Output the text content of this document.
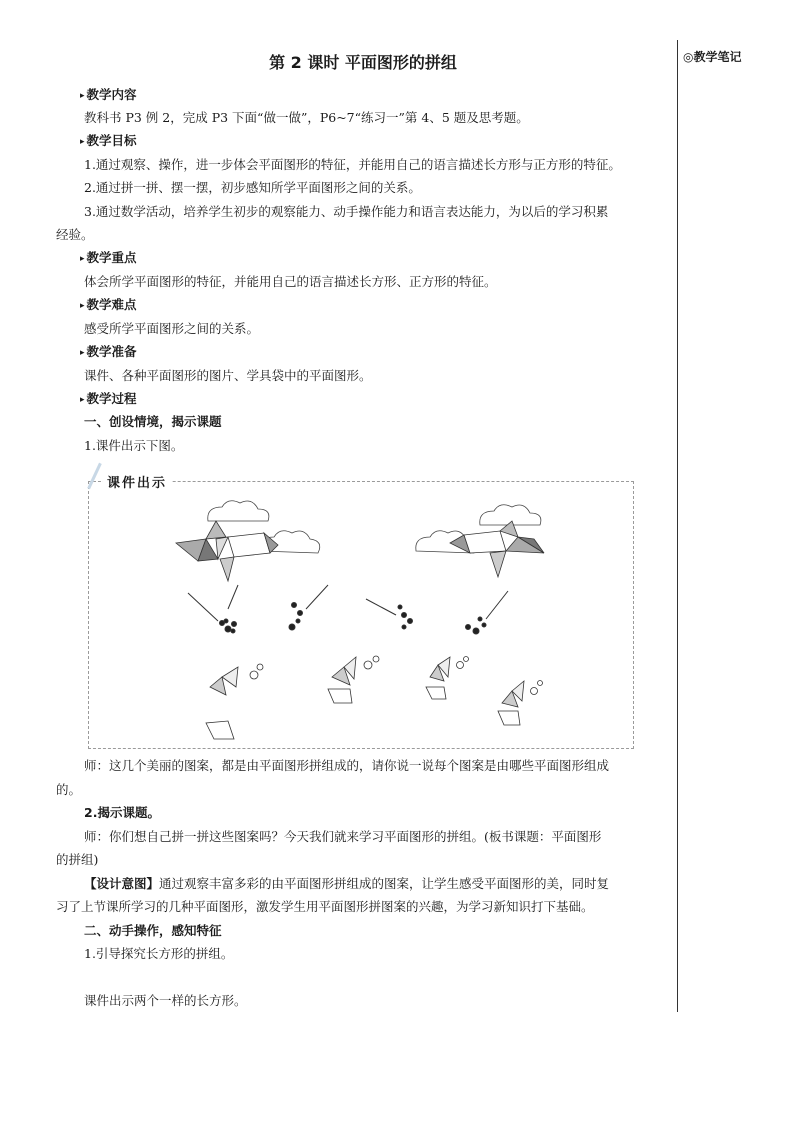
◎教学笔记
第 2 课时 平面图形的拼组
▸ 教学内容
教科书 P3 例 2，完成 P3 下面“做一做”，P6~7“练习一”第 4、5 题及思考题。
▸ 教学目标
1.通过观察、操作，进一步体会平面图形的特征，并能用自己的语言描述长方形与正方形的特征。
2.通过拼一拼、摆一摆，初步感知所学平面图形之间的关系。
3.通过数学活动，培养学生初步的观察能力、动手操作能力和语言表达能力，为以后的学习积累
经验。
▸ 教学重点
体会所学平面图形的特征，并能用自己的语言描述长方形、正方形的特征。
▸ 教学难点
感受所学平面图形之间的关系。
▸ 教学准备
课件、各种平面图形的图片、学具袋中的平面图形。
▸ 教学过程
一、创设情境，揭示课题
1.课件出示下图。
师：这几个美丽的图案，都是由平面图形拼组成的，请你说一说每个图案是由哪些平面图形组成
的。
2.揭示课题。
师：你们想自己拼一拼这些图案吗？今天我们就来学习平面图形的拼组。(板书课题：平面图形
的拼组)
【设计意图】通过观察丰富多彩的由平面图形拼组成的图案，让学生感受平面图形的美，同时复
习了上节课所学习的几种平面图形，激发学生用平面图形拼图案的兴趣，为学习新知识打下基础。
二、动手操作，感知特征
1.引导探究长方形的拼组。
课件出示两个一样的长方形。
课件出示
